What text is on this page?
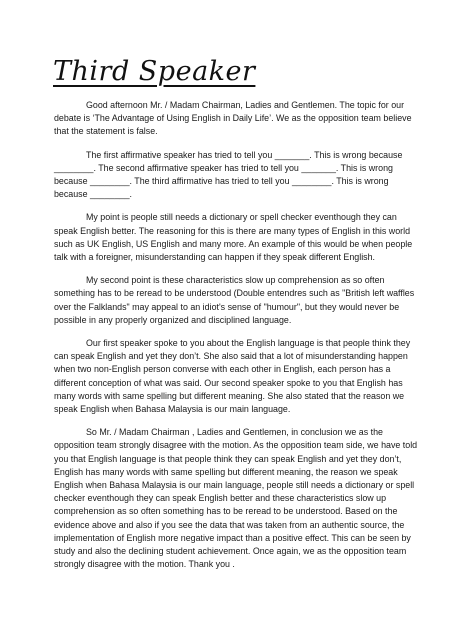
Third Speaker

Good afternoon Mr. / Madam Chairman, Ladies and Gentlemen. The topic for our debate is ‘The Advantage of Using English in Daily Life’. We as the opposition team believe that the statement is false.

The first affirmative speaker has tried to tell you _______. This is wrong because ________. The second affirmative speaker has tried to tell you _______. This is wrong because ________. The third affirmative has tried to tell you ________. This is wrong because ________.

My point is people still needs a dictionary or spell checker eventhough they can speak English better. The reasoning for this is there are many types of English in this world such as UK English, US English and many more. An example of this would be when people talk with a foreigner, misunderstanding can happen if they speak different English.

My second point is these characteristics slow up comprehension as so often something has to be reread to be understood (Double entendres such as "British left waffles over the Falklands" may appeal to an idiot's sense of "humour", but they would never be possible in any properly organized and disciplined language.

Our first speaker spoke to you about the English language is that people think they can speak English and yet they don’t. She also said that a lot of misunderstanding happen when two non-English person converse with each other in English, each person has a different conception of what was said. Our second speaker spoke to you that English has many words with same spelling but different meaning. She also stated that the reason we speak English when Bahasa Malaysia is our main language.

So Mr. / Madam Chairman , Ladies and Gentlemen, in conclusion we as the opposition team strongly disagree with the motion. As the opposition team side, we have told you that English language is that people think they can speak English and yet they don’t, English has many words with same spelling but different meaning, the reason we speak English when Bahasa Malaysia is our main language, people still needs a dictionary or spell checker eventhough they can speak English better and these characteristics slow up comprehension as so often something has to be reread to be understood. Based on the evidence above and also if you see the data that was taken from an authentic source, the implementation of English more negative impact than a positive effect. This can be seen by study and also the declining student achievement. Once again, we as the opposition team strongly disagree with the motion. Thank you .
